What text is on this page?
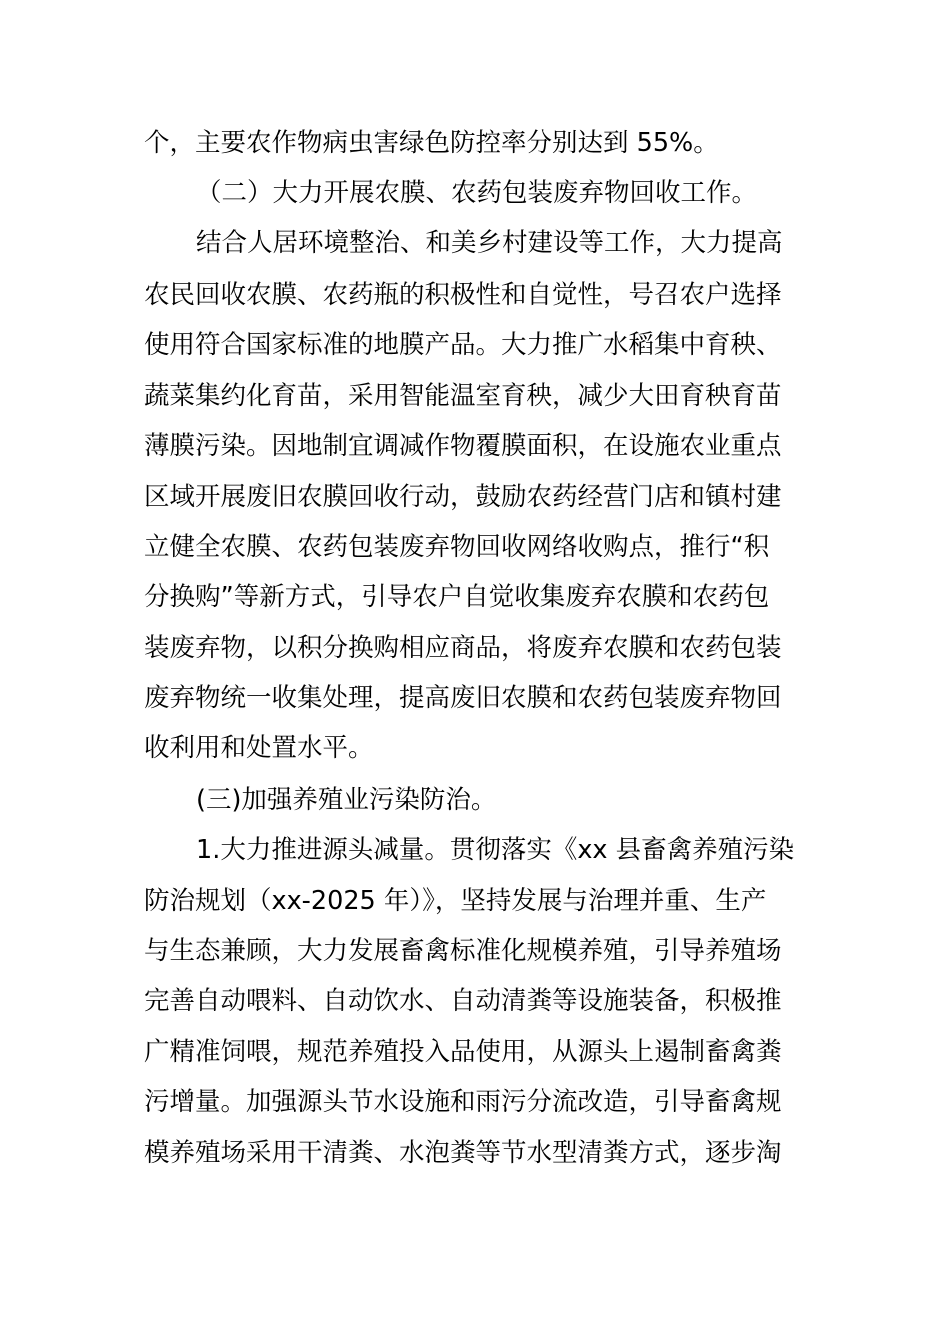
个，主要农作物病虫害绿色防控率分别达到 55%。
（二）大力开展农膜、农药包装废弃物回收工作。
结合人居环境整治、和美乡村建设等工作，大力提高
农民回收农膜、农药瓶的积极性和自觉性，号召农户选择
使用符合国家标准的地膜产品。大力推广水稻集中育秧、
蔬菜集约化育苗，采用智能温室育秧，减少大田育秧育苗
薄膜污染。因地制宜调减作物覆膜面积，在设施农业重点
区域开展废旧农膜回收行动，鼓励农药经营门店和镇村建
立健全农膜、农药包装废弃物回收网络收购点，推行“积
分换购”等新方式，引导农户自觉收集废弃农膜和农药包
装废弃物，以积分换购相应商品，将废弃农膜和农药包装
废弃物统一收集处理，提高废旧农膜和农药包装废弃物回
收利用和处置水平。
(三)加强养殖业污染防治。
1.大力推进源头减量。贯彻落实《xx 县畜禽养殖污染
防治规划（xx-2025 年）》，坚持发展与治理并重、生产
与生态兼顾，大力发展畜禽标准化规模养殖，引导养殖场
完善自动喂料、自动饮水、自动清粪等设施装备，积极推
广精准饲喂，规范养殖投入品使用，从源头上遏制畜禽粪
污增量。加强源头节水设施和雨污分流改造，引导畜禽规
模养殖场采用干清粪、水泡粪等节水型清粪方式，逐步淘
